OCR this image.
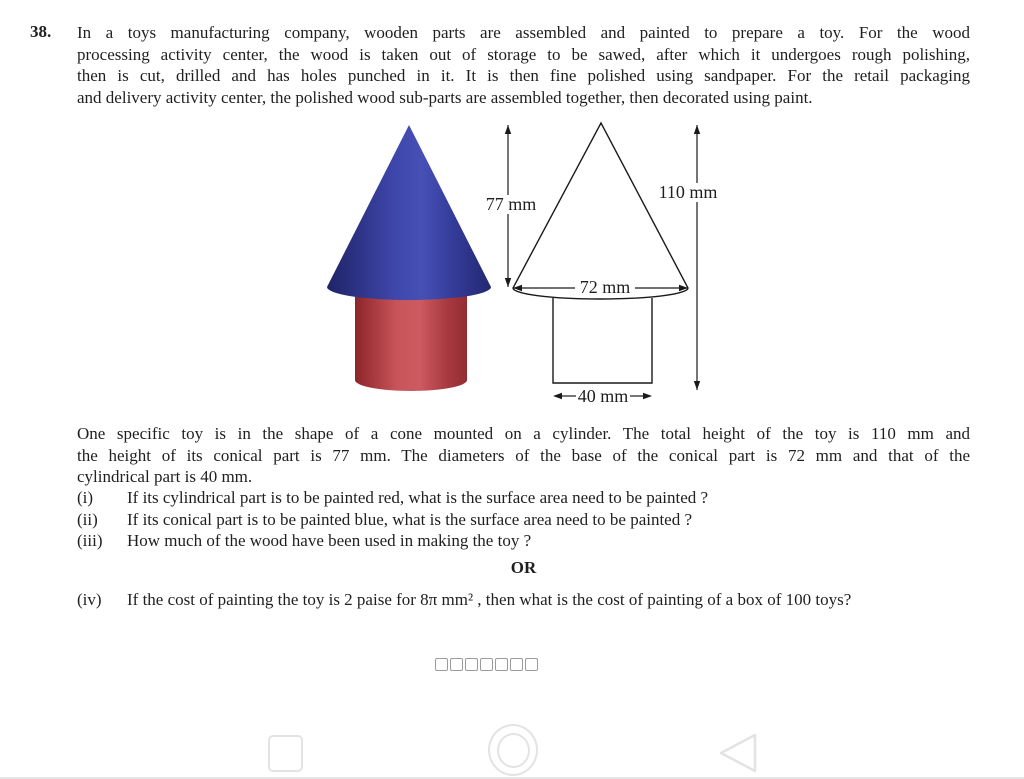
38. In a toys manufacturing company, wooden parts are assembled and painted to prepare a toy. For the wood
processing activity center, the wood is taken out of storage to be sawed, after which it undergoes rough polishing,
then is cut, drilled and has holes punched in it. It is then fine polished using sandpaper. For the retail packaging
and delivery activity center, the polished wood sub-parts are assembled together, then decorated using paint.
72 mm
77 mm
110 mm
40 mm
One specific toy is in the shape of a cone mounted on a cylinder. The total height of the toy is 110 mm and
the height of its conical part is 77 mm. The diameters of the base of the conical part is 72 mm and that of the
cylindrical part is 40 mm.
(i) If its cylindrical part is to be painted red, what is the surface area need to be painted ?
(ii) If its conical part is to be painted blue, what is the surface area need to be painted ?
(iii) How much of the wood have been used in making the toy ?
OR
(iv) If the cost of painting the toy is 2 paise for 8π mm² , then what is the cost of painting of a box of 100 toys?
